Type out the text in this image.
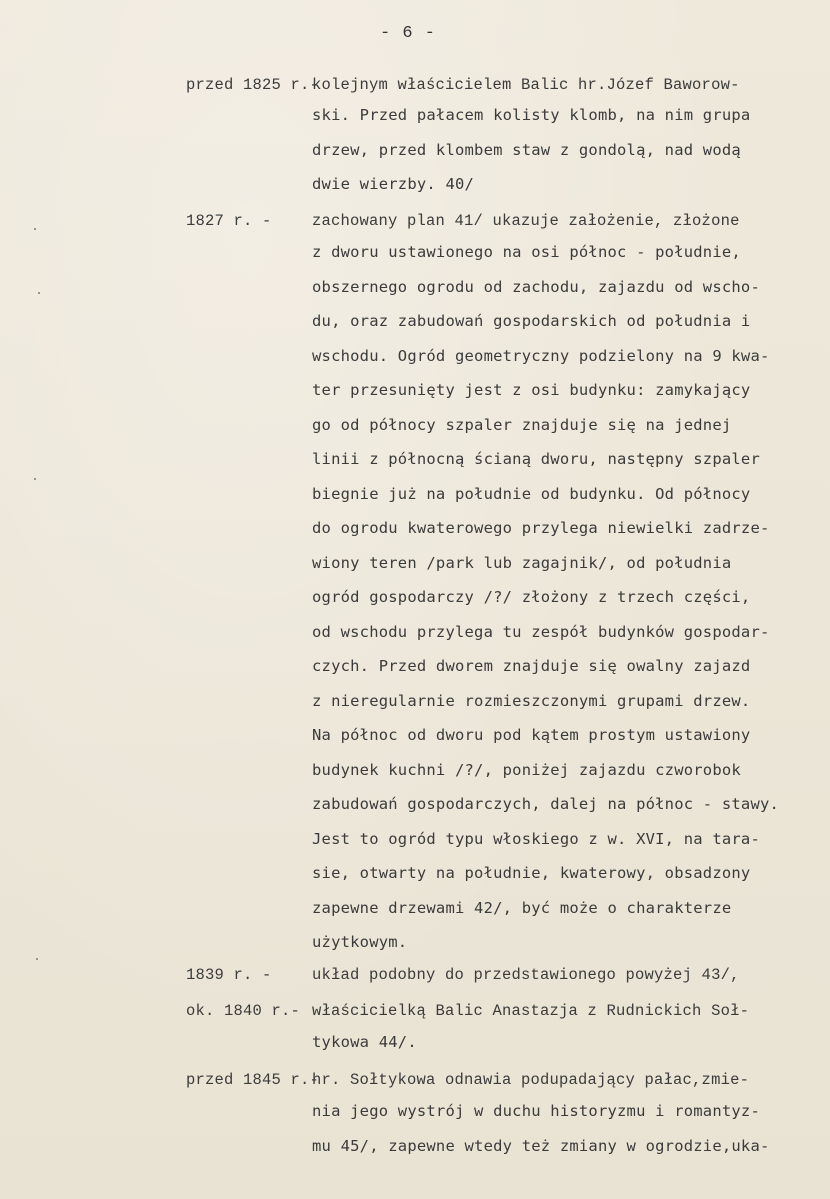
- 6 -
przed 1825 r.-
kolejnym właścicielem Balic hr.Józef Baworow-
ski. Przed pałacem kolisty klomb, na nim grupa
drzew, przed klombem staw z gondolą, nad wodą
dwie wierzby. 40/
1827 r. -	zachowany plan 41/ ukazuje założenie, złożone
z dworu ustawionego na osi północ - południe,
obszernego ogrodu od zachodu, zajazdu od wscho-
du, oraz zabudowań gospodarskich od południa i
wschodu. Ogród geometryczny podzielony na 9 kwa-
ter przesunięty jest z osi budynku: zamykający
go od północy szpaler znajduje się na jednej
linii z północną ścianą dworu, następny szpaler
biegnie już na południe od budynku. Od północy
do ogrodu kwaterowego przylega niewielki zadrze-
wiony teren /park lub zagajnik/, od południa
ogród gospodarczy /?/ złożony z trzech części,
od wschodu przylega tu zespół budynków gospodar-
czych. Przed dworem znajduje się owalny zajazd
z nieregularnie rozmieszczonymi grupami drzew.
Na północ od dworu pod kątem prostym ustawiony
budynek kuchni /?/, poniżej zajazdu czworobok
zabudowań gospodarczych, dalej na północ - stawy.
Jest to ogród typu włoskiego z w. XVI, na tara-
sie, otwarty na południe, kwaterowy, obsadzony
zapewne drzewami 42/, być może o charakterze
użytkowym.
1839 r. -	układ podobny do przedstawionego powyżej 43/,
ok. 1840 r.- właścicielką Balic Anastazja z Rudnickich Soł-
tykowa 44/.
przed 1845 r.-
hr. Sołtykowa odnawia podupadający pałac,zmie-
nia jego wystrój w duchu historyzmu i romantyz-
mu 45/, zapewne wtedy też zmiany w ogrodzie,uka-
